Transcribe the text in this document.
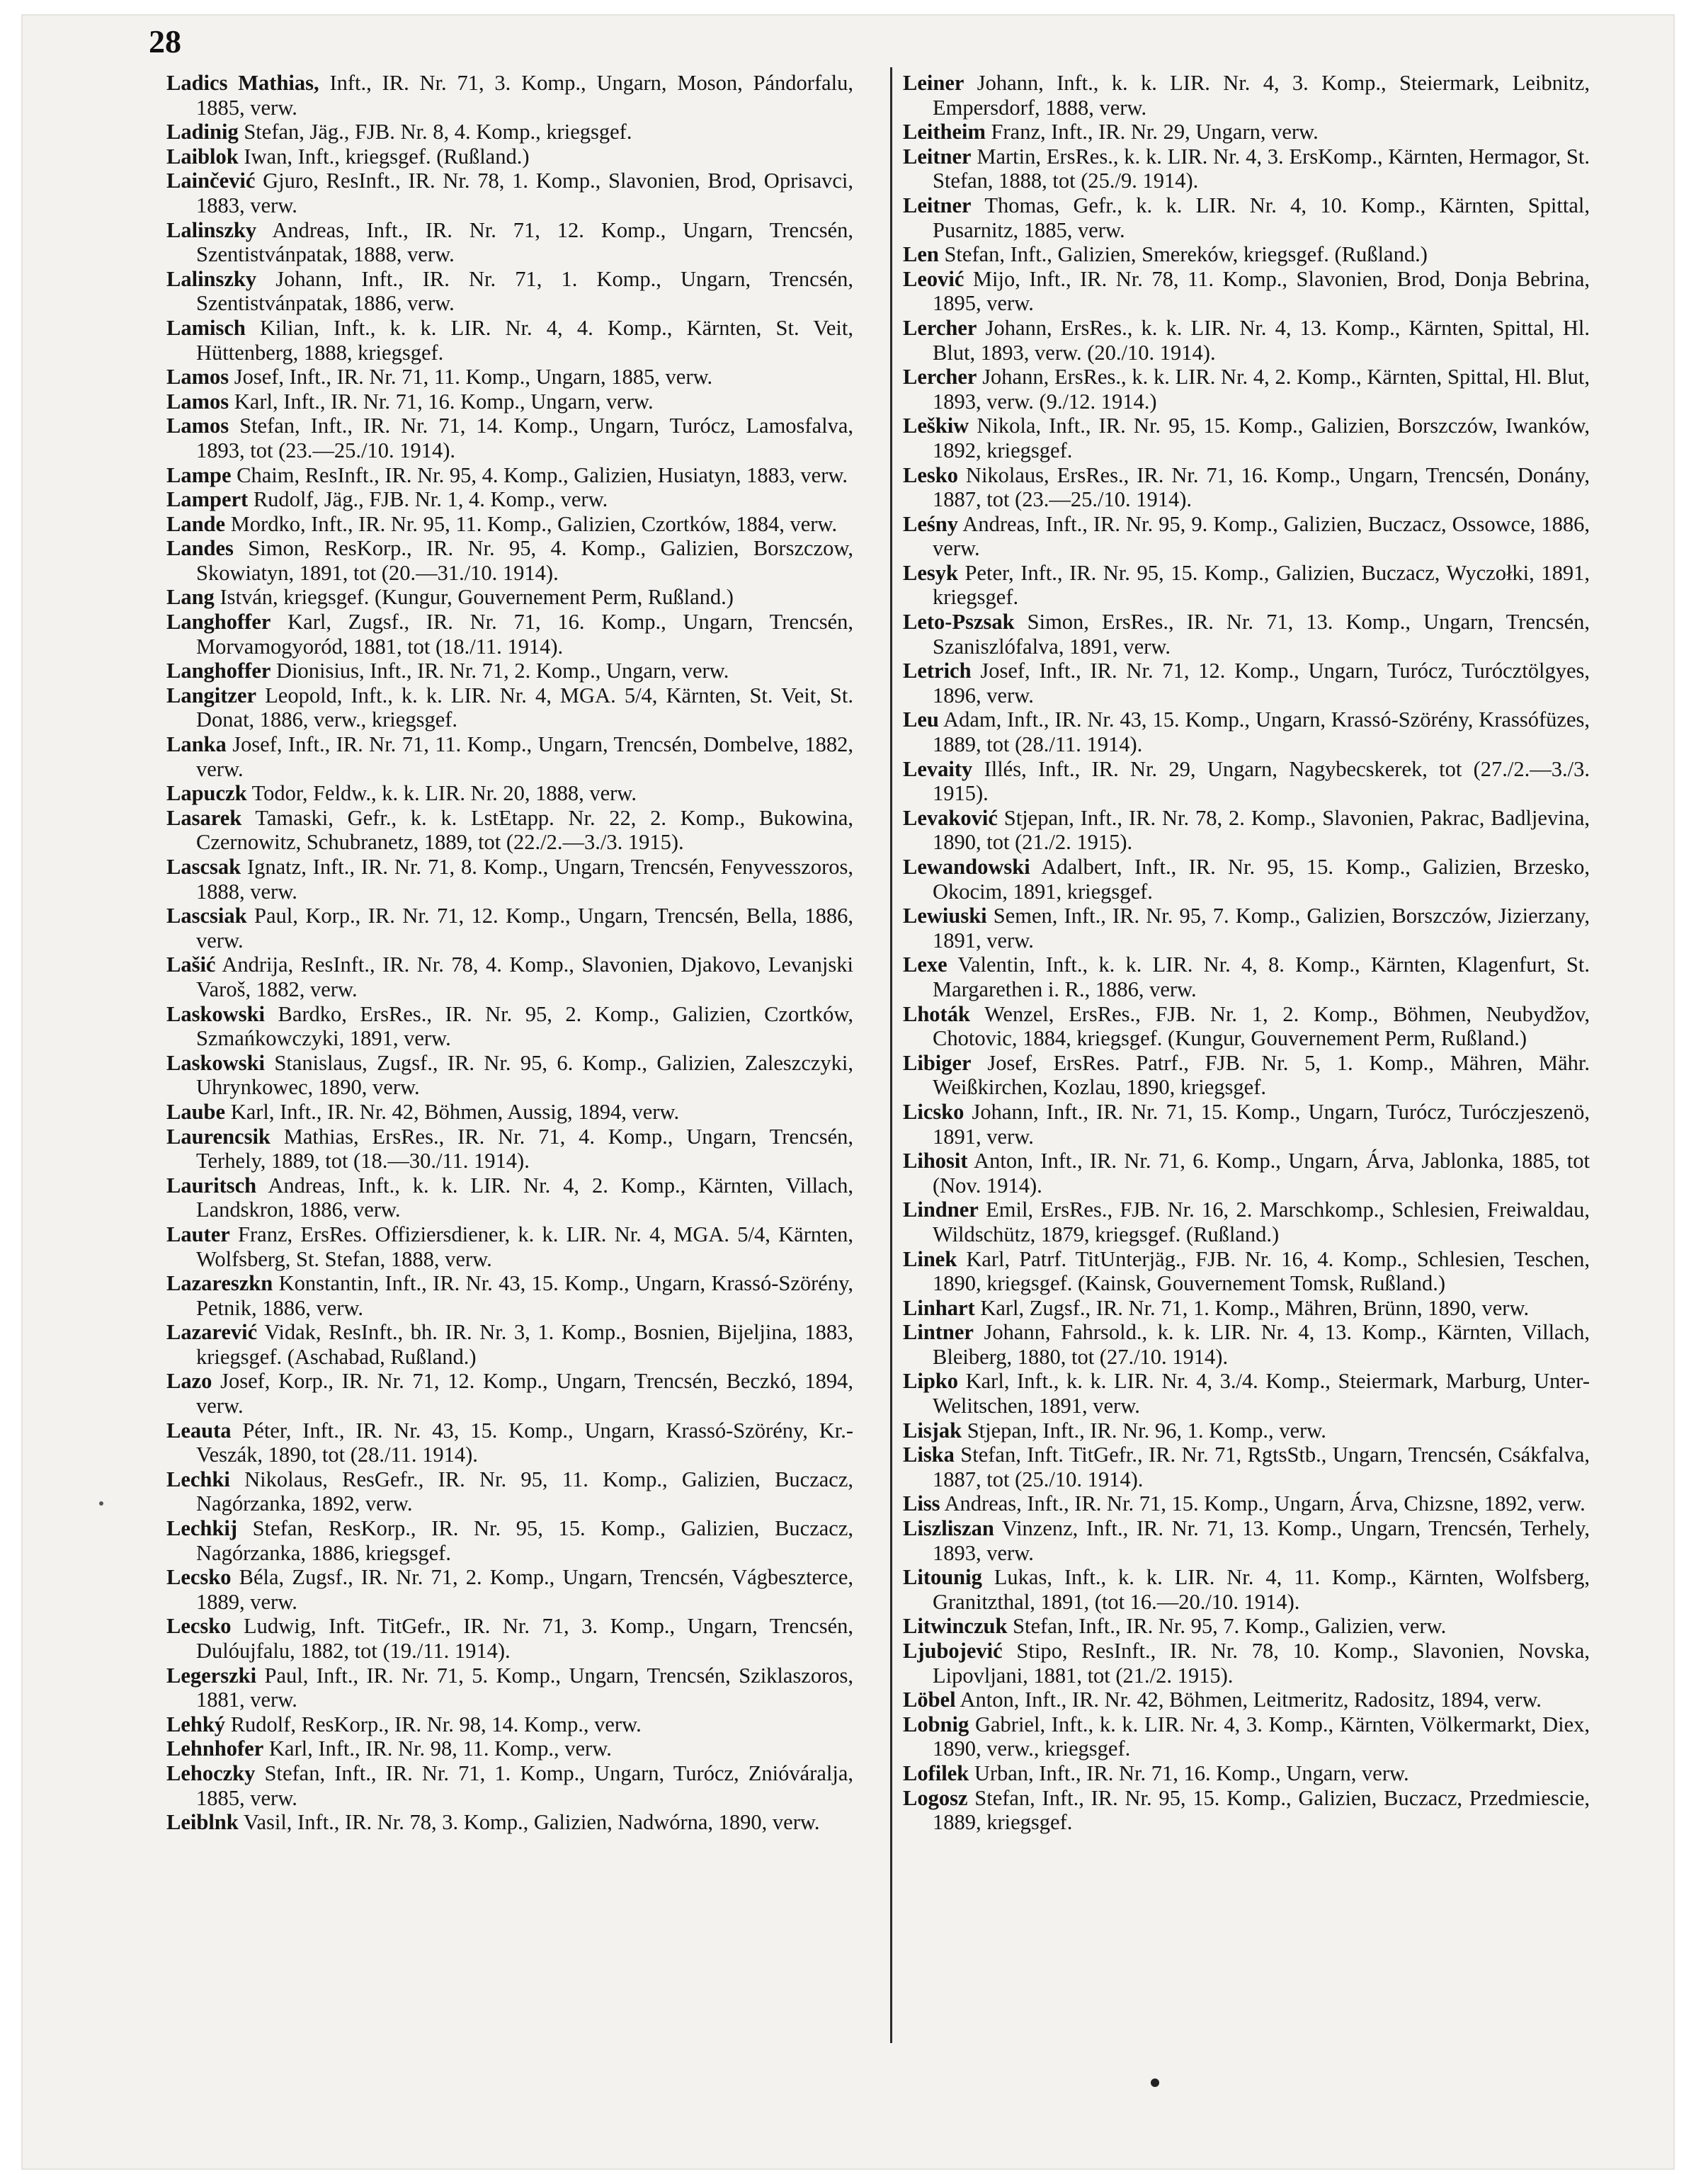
28

Ladics Mathias, Inft., IR. Nr. 71, 3. Komp., Ungarn, Moson, Pándorfalu, 1885, verw.

Ladinig Stefan, Jäg., FJB. Nr. 8, 4. Komp., kriegsgef.

Laiblok Iwan, Inft., kriegsgef. (Rußland.)

Lainčević Gjuro, ResInft., IR. Nr. 78, 1. Komp., Slavonien, Brod, Oprisavci, 1883, verw.

Lalinszky Andreas, Inft., IR. Nr. 71, 12. Komp., Ungarn, Trencsén, Szentistvánpatak, 1888, verw.

Lalinszky Johann, Inft., IR. Nr. 71, 1. Komp., Ungarn, Trencsén, Szentistvánpatak, 1886, verw.

Lamisch Kilian, Inft., k. k. LIR. Nr. 4, 4. Komp., Kärnten, St. Veit, Hüttenberg, 1888, kriegsgef.

Lamos Josef, Inft., IR. Nr. 71, 11. Komp., Ungarn, 1885, verw.

Lamos Karl, Inft., IR. Nr. 71, 16. Komp., Ungarn, verw.

Lamos Stefan, Inft., IR. Nr. 71, 14. Komp., Ungarn, Turócz, Lamosfalva, 1893, tot (23.—25./10. 1914).

Lampe Chaim, ResInft., IR. Nr. 95, 4. Komp., Galizien, Husiatyn, 1883, verw.

Lampert Rudolf, Jäg., FJB. Nr. 1, 4. Komp., verw.

Lande Mordko, Inft., IR. Nr. 95, 11. Komp., Galizien, Czortków, 1884, verw.

Landes Simon, ResKorp., IR. Nr. 95, 4. Komp., Galizien, Borszczow, Skowiatyn, 1891, tot (20.—31./10. 1914).

Lang István, kriegsgef. (Kungur, Gouvernement Perm, Rußland.)

Langhoffer Karl, Zugsf., IR. Nr. 71, 16. Komp., Ungarn, Trencsén, Morvamogyoród, 1881, tot (18./11. 1914).

Langhoffer Dionisius, Inft., IR. Nr. 71, 2. Komp., Ungarn, verw.

Langitzer Leopold, Inft., k. k. LIR. Nr. 4, MGA. 5/4, Kärnten, St. Veit, St. Donat, 1886, verw., kriegsgef.

Lanka Josef, Inft., IR. Nr. 71, 11. Komp., Ungarn, Trencsén, Dombelve, 1882, verw.

Lapuczk Todor, Feldw., k. k. LIR. Nr. 20, 1888, verw.

Lasarek Tamaski, Gefr., k. k. LstEtapp. Nr. 22, 2. Komp., Bukowina, Czernowitz, Schubranetz, 1889, tot (22./2.—3./3. 1915).

Lascsak Ignatz, Inft., IR. Nr. 71, 8. Komp., Ungarn, Trencsén, Fenyvesszoros, 1888, verw.

Lascsiak Paul, Korp., IR. Nr. 71, 12. Komp., Ungarn, Trencsén, Bella, 1886, verw.

Lašić Andrija, ResInft., IR. Nr. 78, 4. Komp., Slavonien, Djakovo, Levanjski Varoš, 1882, verw.

Laskowski Bardko, ErsRes., IR. Nr. 95, 2. Komp., Galizien, Czortków, Szmańkowczyki, 1891, verw.

Laskowski Stanislaus, Zugsf., IR. Nr. 95, 6. Komp., Galizien, Zaleszczyki, Uhrynkowec, 1890, verw.

Laube Karl, Inft., IR. Nr. 42, Böhmen, Aussig, 1894, verw.

Laurencsik Mathias, ErsRes., IR. Nr. 71, 4. Komp., Ungarn, Trencsén, Terhely, 1889, tot (18.—30./11. 1914).

Lauritsch Andreas, Inft., k. k. LIR. Nr. 4, 2. Komp., Kärnten, Villach, Landskron, 1886, verw.

Lauter Franz, ErsRes. Offiziersdiener, k. k. LIR. Nr. 4, MGA. 5/4, Kärnten, Wolfsberg, St. Stefan, 1888, verw.

Lazareszkn Konstantin, Inft., IR. Nr. 43, 15. Komp., Ungarn, Krassó-Szörény, Petnik, 1886, verw.

Lazarević Vidak, ResInft., bh. IR. Nr. 3, 1. Komp., Bosnien, Bijeljina, 1883, kriegsgef. (Aschabad, Rußland.)

Lazo Josef, Korp., IR. Nr. 71, 12. Komp., Ungarn, Trencsén, Beczkó, 1894, verw.

Leauta Péter, Inft., IR. Nr. 43, 15. Komp., Ungarn, Krassó-Szörény, Kr.-Veszák, 1890, tot (28./11. 1914).

Lechki Nikolaus, ResGefr., IR. Nr. 95, 11. Komp., Galizien, Buczacz, Nagórzanka, 1892, verw.

Lechkij Stefan, ResKorp., IR. Nr. 95, 15. Komp., Galizien, Buczacz, Nagórzanka, 1886, kriegsgef.

Lecsko Béla, Zugsf., IR. Nr. 71, 2. Komp., Ungarn, Trencsén, Vágbeszterce, 1889, verw.

Lecsko Ludwig, Inft. TitGefr., IR. Nr. 71, 3. Komp., Ungarn, Trencsén, Dulóujfalu, 1882, tot (19./11. 1914).

Legerszki Paul, Inft., IR. Nr. 71, 5. Komp., Ungarn, Trencsén, Sziklaszoros, 1881, verw.

Lehký Rudolf, ResKorp., IR. Nr. 98, 14. Komp., verw.

Lehnhofer Karl, Inft., IR. Nr. 98, 11. Komp., verw.

Lehoczky Stefan, Inft., IR. Nr. 71, 1. Komp., Ungarn, Turócz, Znióváralja, 1885, verw.

Leiblnk Vasil, Inft., IR. Nr. 78, 3. Komp., Galizien, Nadwórna, 1890, verw.

Leiner Johann, Inft., k. k. LIR. Nr. 4, 3. Komp., Steiermark, Leibnitz, Empersdorf, 1888, verw.

Leitheim Franz, Inft., IR. Nr. 29, Ungarn, verw.

Leitner Martin, ErsRes., k. k. LIR. Nr. 4, 3. ErsKomp., Kärnten, Hermagor, St. Stefan, 1888, tot (25./9. 1914).

Leitner Thomas, Gefr., k. k. LIR. Nr. 4, 10. Komp., Kärnten, Spittal, Pusarnitz, 1885, verw.

Len Stefan, Inft., Galizien, Smereków, kriegsgef. (Rußland.)

Leović Mijo, Inft., IR. Nr. 78, 11. Komp., Slavonien, Brod, Donja Bebrina, 1895, verw.

Lercher Johann, ErsRes., k. k. LIR. Nr. 4, 13. Komp., Kärnten, Spittal, Hl. Blut, 1893, verw. (20./10. 1914).

Lercher Johann, ErsRes., k. k. LIR. Nr. 4, 2. Komp., Kärnten, Spittal, Hl. Blut, 1893, verw. (9./12. 1914.)

Leškiw Nikola, Inft., IR. Nr. 95, 15. Komp., Galizien, Borszczów, Iwanków, 1892, kriegsgef.

Lesko Nikolaus, ErsRes., IR. Nr. 71, 16. Komp., Ungarn, Trencsén, Donány, 1887, tot (23.—25./10. 1914).

Leśny Andreas, Inft., IR. Nr. 95, 9. Komp., Galizien, Buczacz, Ossowce, 1886, verw.

Lesyk Peter, Inft., IR. Nr. 95, 15. Komp., Galizien, Buczacz, Wyczołki, 1891, kriegsgef.

Leto-Pszsak Simon, ErsRes., IR. Nr. 71, 13. Komp., Ungarn, Trencsén, Szaniszlófalva, 1891, verw.

Letrich Josef, Inft., IR. Nr. 71, 12. Komp., Ungarn, Turócz, Turócztölgyes, 1896, verw.

Leu Adam, Inft., IR. Nr. 43, 15. Komp., Ungarn, Krassó-Szörény, Krassófüzes, 1889, tot (28./11. 1914).

Levaity Illés, Inft., IR. Nr. 29, Ungarn, Nagybecskerek, tot (27./2.—3./3. 1915).

Levaković Stjepan, Inft., IR. Nr. 78, 2. Komp., Slavonien, Pakrac, Badljevina, 1890, tot (21./2. 1915).

Lewandowski Adalbert, Inft., IR. Nr. 95, 15. Komp., Galizien, Brzesko, Okocim, 1891, kriegsgef.

Lewiuski Semen, Inft., IR. Nr. 95, 7. Komp., Galizien, Borszczów, Jizierzany, 1891, verw.

Lexe Valentin, Inft., k. k. LIR. Nr. 4, 8. Komp., Kärnten, Klagenfurt, St. Margarethen i. R., 1886, verw.

Lhoták Wenzel, ErsRes., FJB. Nr. 1, 2. Komp., Böhmen, Neubydžov, Chotovic, 1884, kriegsgef. (Kungur, Gouvernement Perm, Rußland.)

Libiger Josef, ErsRes. Patrf., FJB. Nr. 5, 1. Komp., Mähren, Mähr. Weißkirchen, Kozlau, 1890, kriegsgef.

Licsko Johann, Inft., IR. Nr. 71, 15. Komp., Ungarn, Turócz, Turóczjeszenö, 1891, verw.

Lihosit Anton, Inft., IR. Nr. 71, 6. Komp., Ungarn, Árva, Jablonka, 1885, tot (Nov. 1914).

Lindner Emil, ErsRes., FJB. Nr. 16, 2. Marschkomp., Schlesien, Freiwaldau, Wildschütz, 1879, kriegsgef. (Rußland.)

Linek Karl, Patrf. TitUnterjäg., FJB. Nr. 16, 4. Komp., Schlesien, Teschen, 1890, kriegsgef. (Kainsk, Gouvernement Tomsk, Rußland.)

Linhart Karl, Zugsf., IR. Nr. 71, 1. Komp., Mähren, Brünn, 1890, verw.

Lintner Johann, Fahrsold., k. k. LIR. Nr. 4, 13. Komp., Kärnten, Villach, Bleiberg, 1880, tot (27./10. 1914).

Lipko Karl, Inft., k. k. LIR. Nr. 4, 3./4. Komp., Steiermark, Marburg, Unter-Welitschen, 1891, verw.

Lisjak Stjepan, Inft., IR. Nr. 96, 1. Komp., verw.

Liska Stefan, Inft. TitGefr., IR. Nr. 71, RgtsStb., Ungarn, Trencsén, Csákfalva, 1887, tot (25./10. 1914).

Liss Andreas, Inft., IR. Nr. 71, 15. Komp., Ungarn, Árva, Chizsne, 1892, verw.

Liszliszan Vinzenz, Inft., IR. Nr. 71, 13. Komp., Ungarn, Trencsén, Terhely, 1893, verw.

Litounig Lukas, Inft., k. k. LIR. Nr. 4, 11. Komp., Kärnten, Wolfsberg, Granitzthal, 1891, (tot 16.—20./10. 1914).

Litwinczuk Stefan, Inft., IR. Nr. 95, 7. Komp., Galizien, verw.

Ljubojević Stipo, ResInft., IR. Nr. 78, 10. Komp., Slavonien, Novska, Lipovljani, 1881, tot (21./2. 1915).

Löbel Anton, Inft., IR. Nr. 42, Böhmen, Leitmeritz, Radositz, 1894, verw.

Lobnig Gabriel, Inft., k. k. LIR. Nr. 4, 3. Komp., Kärnten, Völkermarkt, Diex, 1890, verw., kriegsgef.

Lofilek Urban, Inft., IR. Nr. 71, 16. Komp., Ungarn, verw.

Logosz Stefan, Inft., IR. Nr. 95, 15. Komp., Galizien, Buczacz, Przedmiescie, 1889, kriegsgef.
